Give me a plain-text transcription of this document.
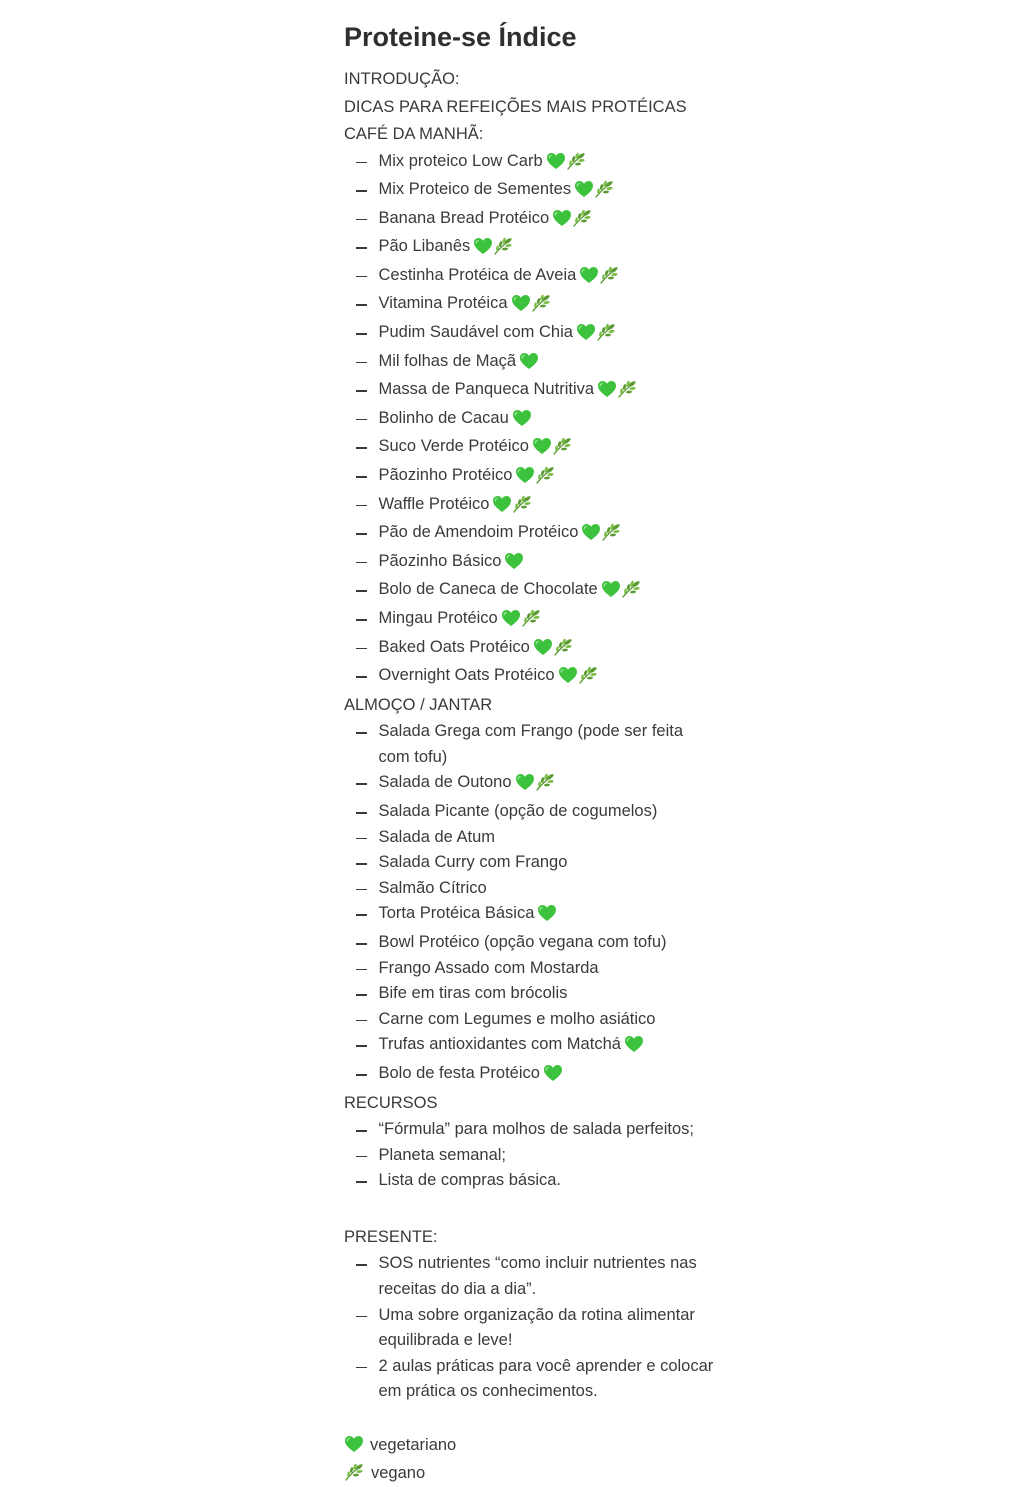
Proteine-se Índice

INTRODUÇÃO:

DICAS PARA REFEIÇÕES MAIS PROTÉICAS

CAFÉ DA MANHÃ:

Mix proteico Low Carb
Mix Proteico de Sementes
Banana Bread Protéico
Pão Libanês
Cestinha Protéica de Aveia
Vitamina Protéica
Pudim Saudável com Chia
Mil folhas de Maçã
Massa de Panqueca Nutritiva
Bolinho de Cacau
Suco Verde Protéico
Pãozinho Protéico
Waffle Protéico
Pão de Amendoim Protéico
Pãozinho Básico
Bolo de Caneca de Chocolate
Mingau Protéico
Baked Oats Protéico
Overnight Oats Protéico

ALMOÇO / JANTAR

Salada Grega com Frango (pode ser feita com tofu)
Salada de Outono
Salada Picante (opção de cogumelos)
Salada de Atum
Salada Curry com Frango
Salmão Cítrico
Torta Protéica Básica
Bowl Protéico (opção vegana com tofu)
Frango Assado com Mostarda
Bife em tiras com brócolis
Carne com Legumes e molho asiático
Trufas antioxidantes com Matchá
Bolo de festa Protéico

RECURSOS

“Fórmula” para molhos de salada perfeitos;
Planeta semanal;
Lista de compras básica.

PRESENTE:

SOS nutrientes “como incluir nutrientes nas receitas do dia a dia”.
Uma sobre organização da rotina alimentar equilibrada e leve!
2 aulas práticas para você aprender e colocar em prática os conhecimentos.
vegetariano
vegano
